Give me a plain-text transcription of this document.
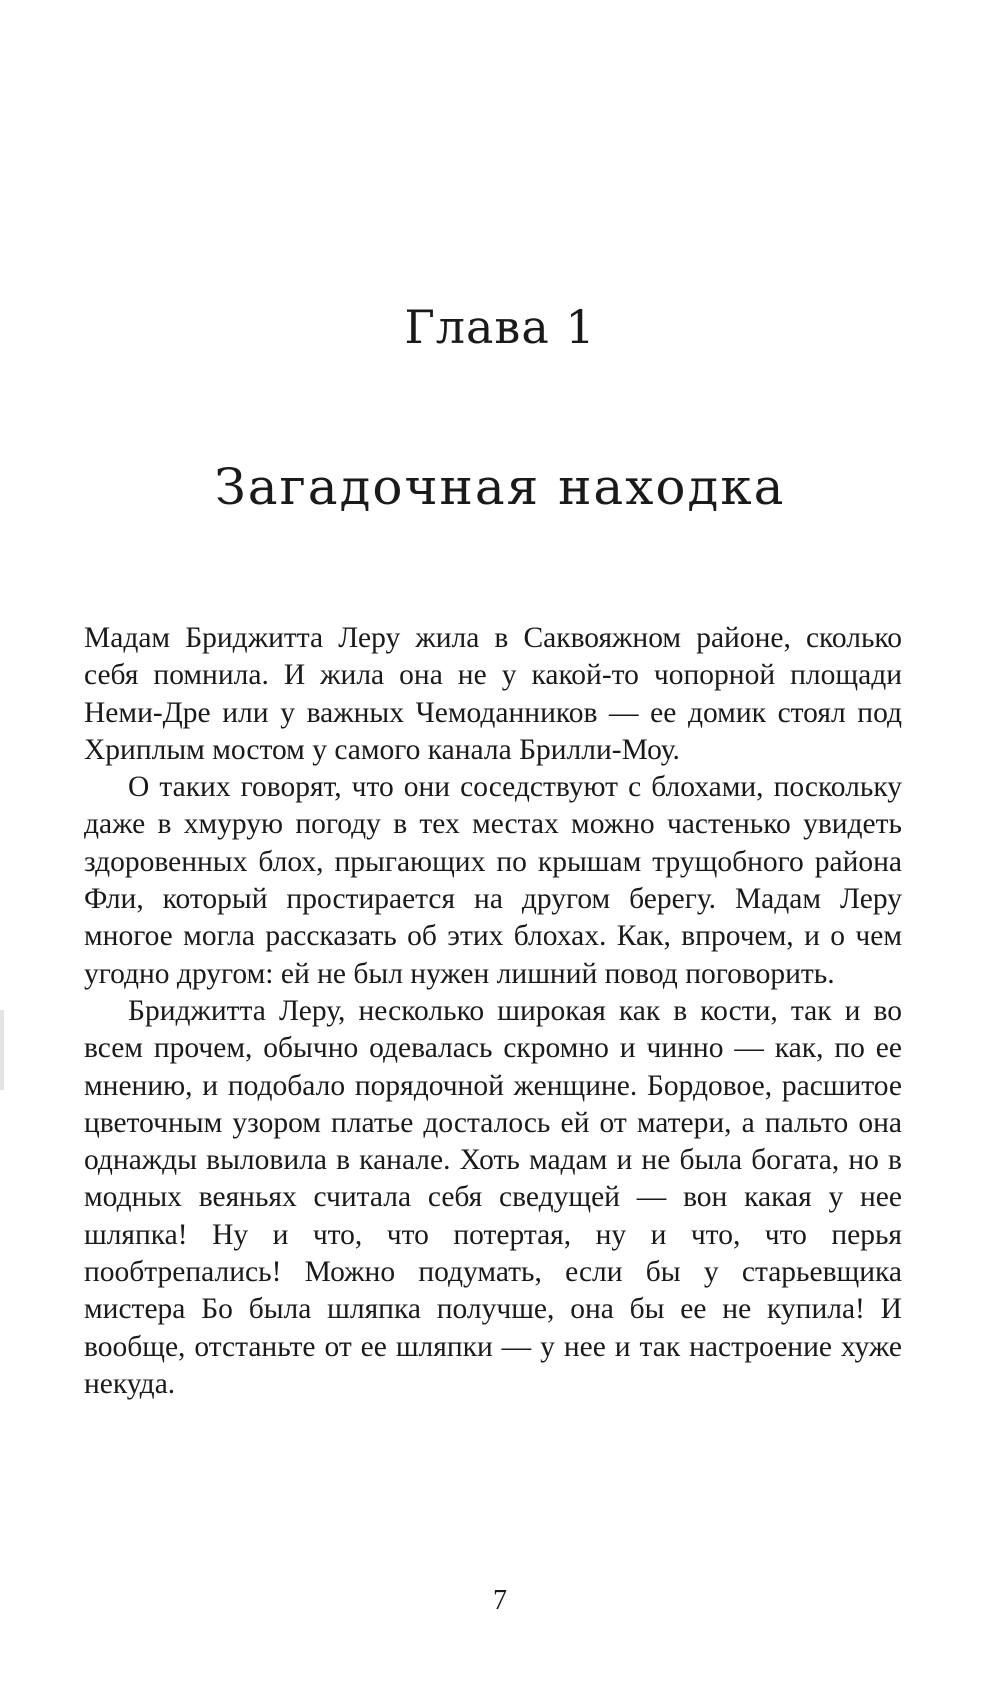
Глава 1
Загадочная находка

Мадам Бриджитта Леру жила в Саквояжном районе, сколько себя помнила. И жила она не у какой-то чопорной площади Неми-Дре или у важных Чемоданников — ее домик стоял под Хриплым мостом у самого канала Брилли-Моу.

О таких говорят, что они соседствуют с блохами, поскольку даже в хмурую погоду в тех местах можно частенько увидеть здоровенных блох, прыгающих по крышам трущобного района Фли, который простирается на другом берегу. Мадам Леру многое могла рассказать об этих блохах. Как, впрочем, и о чем угодно другом: ей не был нужен лишний повод поговорить.

Бриджитта Леру, несколько широкая как в кости, так и во всем прочем, обычно одевалась скромно и чинно — как, по ее мнению, и подобало порядочной женщине. Бордовое, расшитое цветочным узором платье досталось ей от матери, а пальто она однажды выловила в канале. Хоть мадам и не была богата, но в модных веяньях считала себя сведущей — вон какая у нее шляпка! Ну и что, что потертая, ну и что, что перья пообтрепались! Можно подумать, если бы у старьевщика мистера Бо была шляпка получше, она бы ее не купила! И вообще, отстаньте от ее шляпки — у нее и так настроение хуже некуда.

7
